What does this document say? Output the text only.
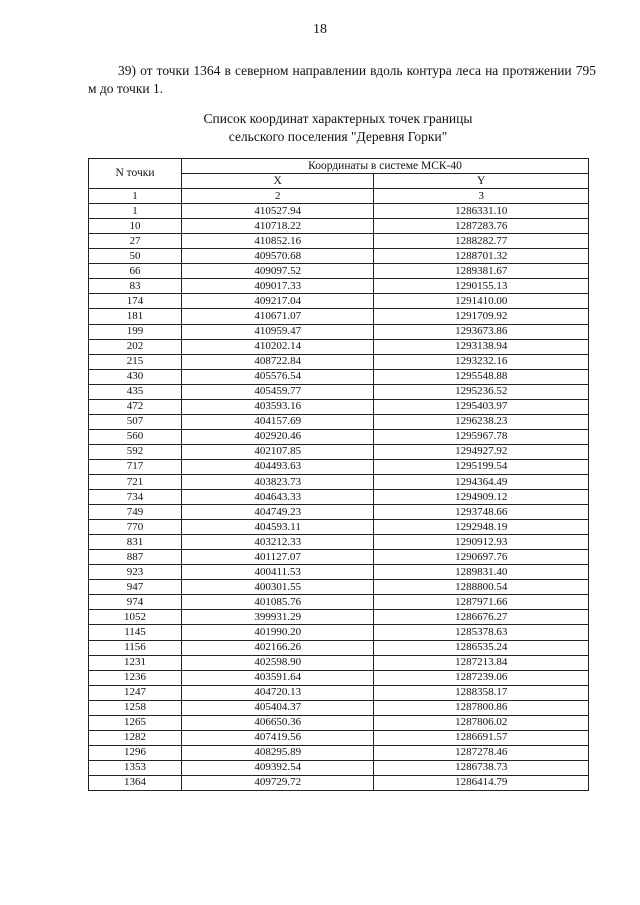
18
39) от точки 1364 в северном направлении вдоль контура леса на протяжении 795 м до точки 1.
Список координат характерных точек границы
сельского поселения "Деревня Горки"
N точки	Координаты в системе МСК-40	
	X	Y
1	2	3
1	410527.94	1286331.10
10	410718.22	1287283.76
27	410852.16	1288282.77
50	409570.68	1288701.32
66	409097.52	1289381.67
83	409017.33	1290155.13
174	409217.04	1291410.00
181	410671.07	1291709.92
199	410959.47	1293673.86
202	410202.14	1293138.94
215	408722.84	1293232.16
430	405576.54	1295548.88
435	405459.77	1295236.52
472	403593.16	1295403.97
507	404157.69	1296238.23
560	402920.46	1295967.78
592	402107.85	1294927.92
717	404493.63	1295199.54
721	403823.73	1294364.49
734	404643.33	1294909.12
749	404749.23	1293748.66
770	404593.11	1292948.19
831	403212.33	1290912.93
887	401127.07	1290697.76
923	400411.53	1289831.40
947	400301.55	1288800.54
974	401085.76	1287971.66
1052	399931.29	1286676.27
1145	401990.20	1285378.63
1156	402166.26	1286535.24
1231	402598.90	1287213.84
1236	403591.64	1287239.06
1247	404720.13	1288358.17
1258	405404.37	1287800.86
1265	406650.36	1287806.02
1282	407419.56	1286691.57
1296	408295.89	1287278.46
1353	409392.54	1286738.73
1364	409729.72	1286414.79
